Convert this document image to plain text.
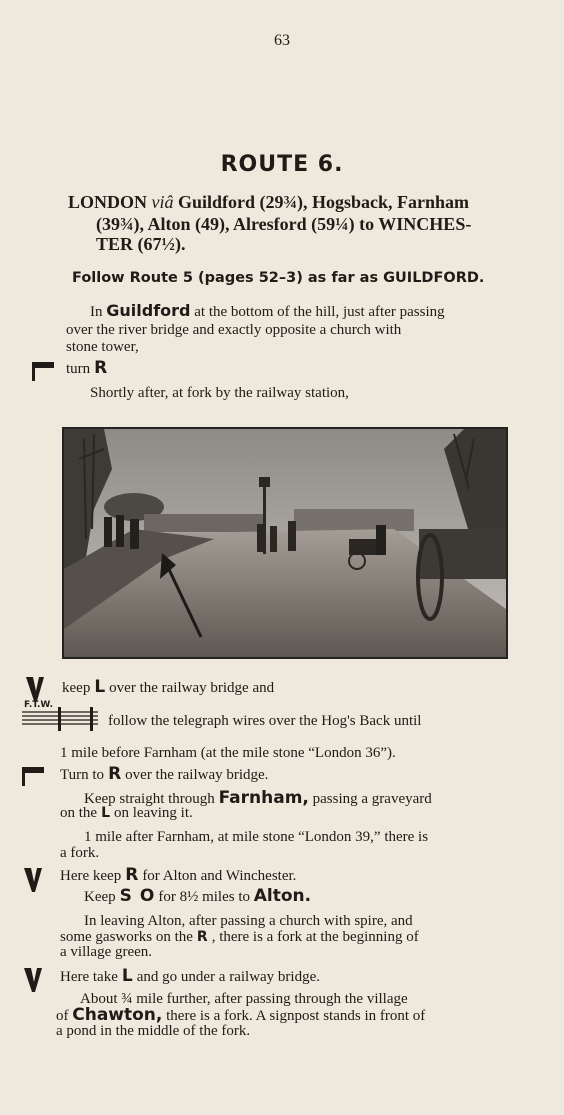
63
ROUTE 6.
LONDON viâ Guildford (29¾), Hogsback, Farnham
(39¾), Alton (49), Alresford (59¼) to WINCHES-
TER (67½).
Follow Route 5 (pages 52–3) as far as GUILDFORD.
In Guildford at the bottom of the hill, just after passing
over the river bridge and exactly opposite a church with
stone tower,
turn R
Shortly after, at fork by the railway station,
keep L over the railway bridge and
F.T.W.
follow the telegraph wires over the Hog's Back until
1 mile before Farnham (at the mile stone “London 36”).
Turn to R over the railway bridge.
Keep straight through Farnham, passing a graveyard
on the L on leaving it.
1 mile after Farnham, at mile stone “London 39,” there is
a fork.
Here keep R for Alton and Winchester.
Keep S O for 8½ miles to Alton.
In leaving Alton, after passing a church with spire, and
some gasworks on the R , there is a fork at the beginning of
a village green.
Here take L and go under a railway bridge.
About ¾ mile further, after passing through the village
of Chawton, there is a fork. A signpost stands in front of
a pond in the middle of the fork.
